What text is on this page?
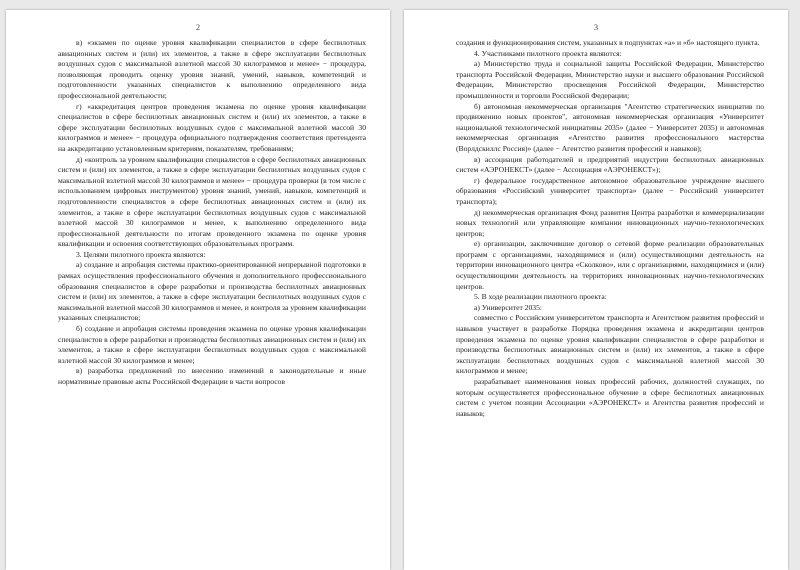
2

в) «экзамен по оценке уровня квалификации специалистов в сфере беспилотных авиационных систем и (или) их элементов, а также в сфере эксплуатации беспилотных воздушных судов с максимальной взлетной массой 30 килограммов и менее» − процедура, позволяющая проводить оценку уровня знаний, умений, навыков, компетенций и подготовленности указанных специалистов к выполнению определенного вида профессиональной деятельности;

г) «аккредитация центров проведения экзамена по оценке уровня квалификации специалистов в сфере беспилотных авиационных систем и (или) их элементов, а также в сфере эксплуатации беспилотных воздушных судов с максимальной взлетной массой 30 килограммов и менее» − процедура официального подтверждения соответствия претендента на аккредитацию установленным критериям, показателям, требованиям;

д) «контроль за уровнем квалификации специалистов в сфере беспилотных авиационных систем и (или) их элементов, а также в сфере эксплуатации беспилотных воздушных судов с максимальной взлетной массой 30 килограммов и менее» − процедура проверки (в том числе с использованием цифровых инструментов) уровня знаний, умений, навыков, компетенций и подготовленности специалистов в сфере беспилотных авиационных систем и (или) их элементов, а также в сфере эксплуатации беспилотных воздушных судов с максимальной взлетной массой 30 килограммов и менее, к выполнению определенного вида профессиональной деятельности по итогам проведенного экзамена по оценке уровня квалификации и освоения соответствующих образовательных программ.

3. Целями пилотного проекта являются:

а) создание и апробация системы практико-ориентированной непрерывной подготовки в рамках осуществления профессионального обучения и дополнительного профессионального образования специалистов в сфере разработки и производства беспилотных авиационных систем и (или) их элементов, а также в сфере эксплуатации беспилотных воздушных судов с максимальной взлетной массой 30 килограммов и менее, и контроля за уровнем квалификации указанных специалистов;

б) создание и апробация системы проведения экзамена по оценке уровня квалификации специалистов в сфере разработки и производства беспилотных авиационных систем и (или) их элементов, а также в сфере эксплуатации беспилотных воздушных судов с максимальной взлетной массой 30 килограммов и менее;

в) разработка предложений по внесению изменений в законодательные и иные нормативные правовые акты Российской Федерации в части вопросов

3

создания и функционирования систем, указанных в подпунктах «а» и «б» настоящего пункта.

4. Участниками пилотного проекта являются:

а) Министерство труда и социальной защиты Российской Федерации, Министерство транспорта Российской Федерации, Министерство науки и высшего образования Российской Федерации, Министерство просвещения Российской Федерации, Министерство промышленности и торговли Российской Федерации;

б) автономная некоммерческая организация "Агентство стратегических инициатив по продвижению новых проектов", автономная некоммерческая организация «Университет национальной технологической инициативы 2035» (далее − Университет 2035) и автономная некоммерческая организация «Агентство развития профессионального мастерства (Ворлдскиллс Россия)» (далее − Агентство развития профессий и навыков);

в) ассоциация работодателей и предприятий индустрии беспилотных авиационных систем «АЭРОНЕКСТ» (далее − Ассоциация «АЭРОНЕКСТ»);

г) федеральное государственное автономное образовательное учреждение высшего образования «Российский университет транспорта» (далее − Российский университет транспорта);

д) некоммерческая организация Фонд развития Центра разработки и коммерциализации новых технологий или управляющие компании инновационных научно-технологических центров;

е) организации, заключившие договор о сетевой форме реализации образовательных программ с организациями, находящимися и (или) осуществляющими деятельность на территории инновационного центра «Сколково», или с организациями, находящимися и (или) осуществляющими деятельность на территориях инновационных научно-технологических центров.

5. В ходе реализации пилотного проекта:

а) Университет 2035:

совместно с Российским университетом транспорта и Агентством развития профессий и навыков участвует в разработке Порядка проведения экзамена и аккредитации центров проведения экзамена по оценке уровня квалификации специалистов в сфере разработки и производства беспилотных авиационных систем и (или) их элементов, а также в сфере эксплуатации беспилотных воздушных судов с максимальной взлетной массой 30 килограммов и менее;

разрабатывает наименования новых профессий рабочих, должностей служащих, по которым осуществляется профессиональное обучение в сфере беспилотных авиационных систем с учетом позиции Ассоциации «АЭРОНЕКСТ» и Агентства развития профессий и навыков;
